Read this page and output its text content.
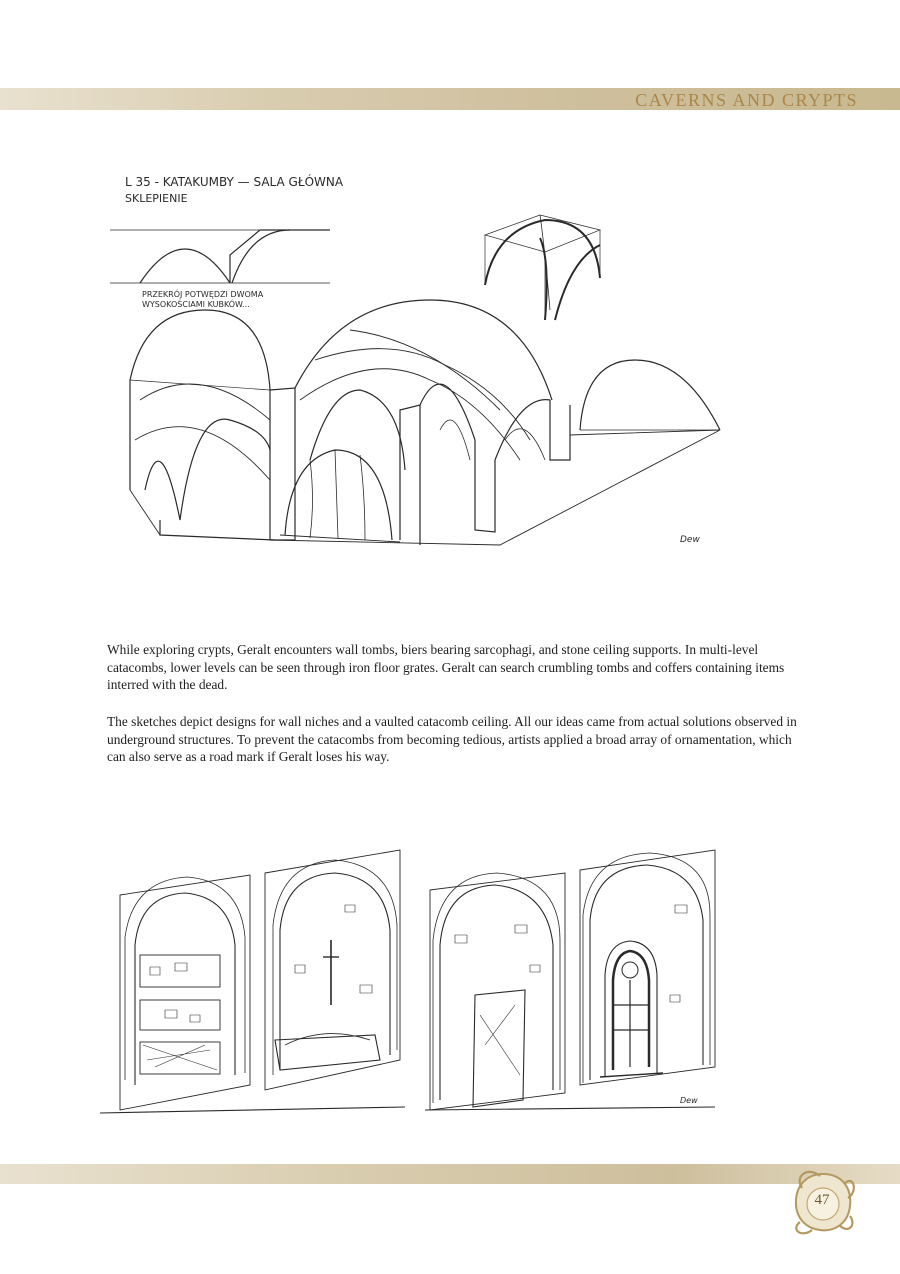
CAVERNS AND CRYPTS
L 35 - KATAKUMBY — SALA GŁÓWNA
SKLEPIENIE
PRZEKRÓJ POTWĘDZI DWOMA
WYSOKOŚCIAMI KUBKÓW...
Dew

While exploring crypts, Geralt encounters wall tombs, biers bearing sarcophagi, and stone ceiling supports. In multi-level catacombs, lower levels can be seen through iron floor grates. Geralt can search crumbling tombs and coffers containing items interred with the dead.

The sketches depict designs for wall niches and a vaulted catacomb ceiling. All our ideas came from actual solutions observed in underground structures. To prevent the catacombs from becoming tedious, artists applied a broad array of ornamentation, which can also serve as a road mark if Geralt loses his way.

Dew
47
